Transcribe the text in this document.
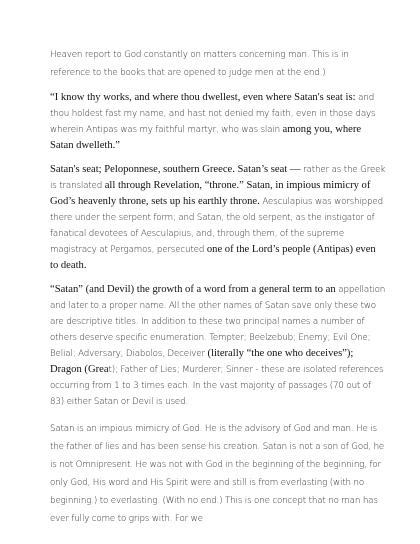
Heaven report to God constantly on matters concerning man. This is in reference to the books that are opened to judge men at the end.)

“I know thy works, and where thou dwellest, even where Satan's seat is: and thou holdest fast my name, and hast not denied my faith, even in those days wherein Antipas was my faithful martyr, who was slain among you, where Satan dwelleth.”

Satan's seat; Peloponnese, southern Greece. Satan’s seat — rather as the Greek is translated all through Revelation, “throne.” Satan, in impious mimicry of God’s heavenly throne, sets up his earthly throne. Aesculapius was worshipped there under the serpent form; and Satan, the old serpent, as the instigator of fanatical devotees of Aesculapius, and, through them, of the supreme magistracy at Pergamos, persecuted one of the Lord’s people (Antipas) even to death.

“Satan” (and Devil) the growth of a word from a general term to an appellation and later to a proper name. All the other names of Satan save only these two are descriptive titles. In addition to these two principal names a number of others deserve specific enumeration. Tempter; Beelzebub; Enemy; Evil One; Belial; Adversary, Diabolos, Deceiver (literally “the one who deceives”); Dragon (Great); Father of Lies; Murderer; Sinner - these are isolated references occurring from 1 to 3 times each. In the vast majority of passages (70 out of 83) either Satan or Devil is used.

Satan is an impious mimicry of God. He is the advisory of God and man. He is the father of lies and has been sense his creation. Satan is not a son of God, he is not Omnipresent. He was not with God in the beginning of the beginning, for only God, His word and His Spirit were and still is from everlasting (with no beginning.) to everlasting. (With no end.) This is one concept that no man has ever fully come to grips with. For we
